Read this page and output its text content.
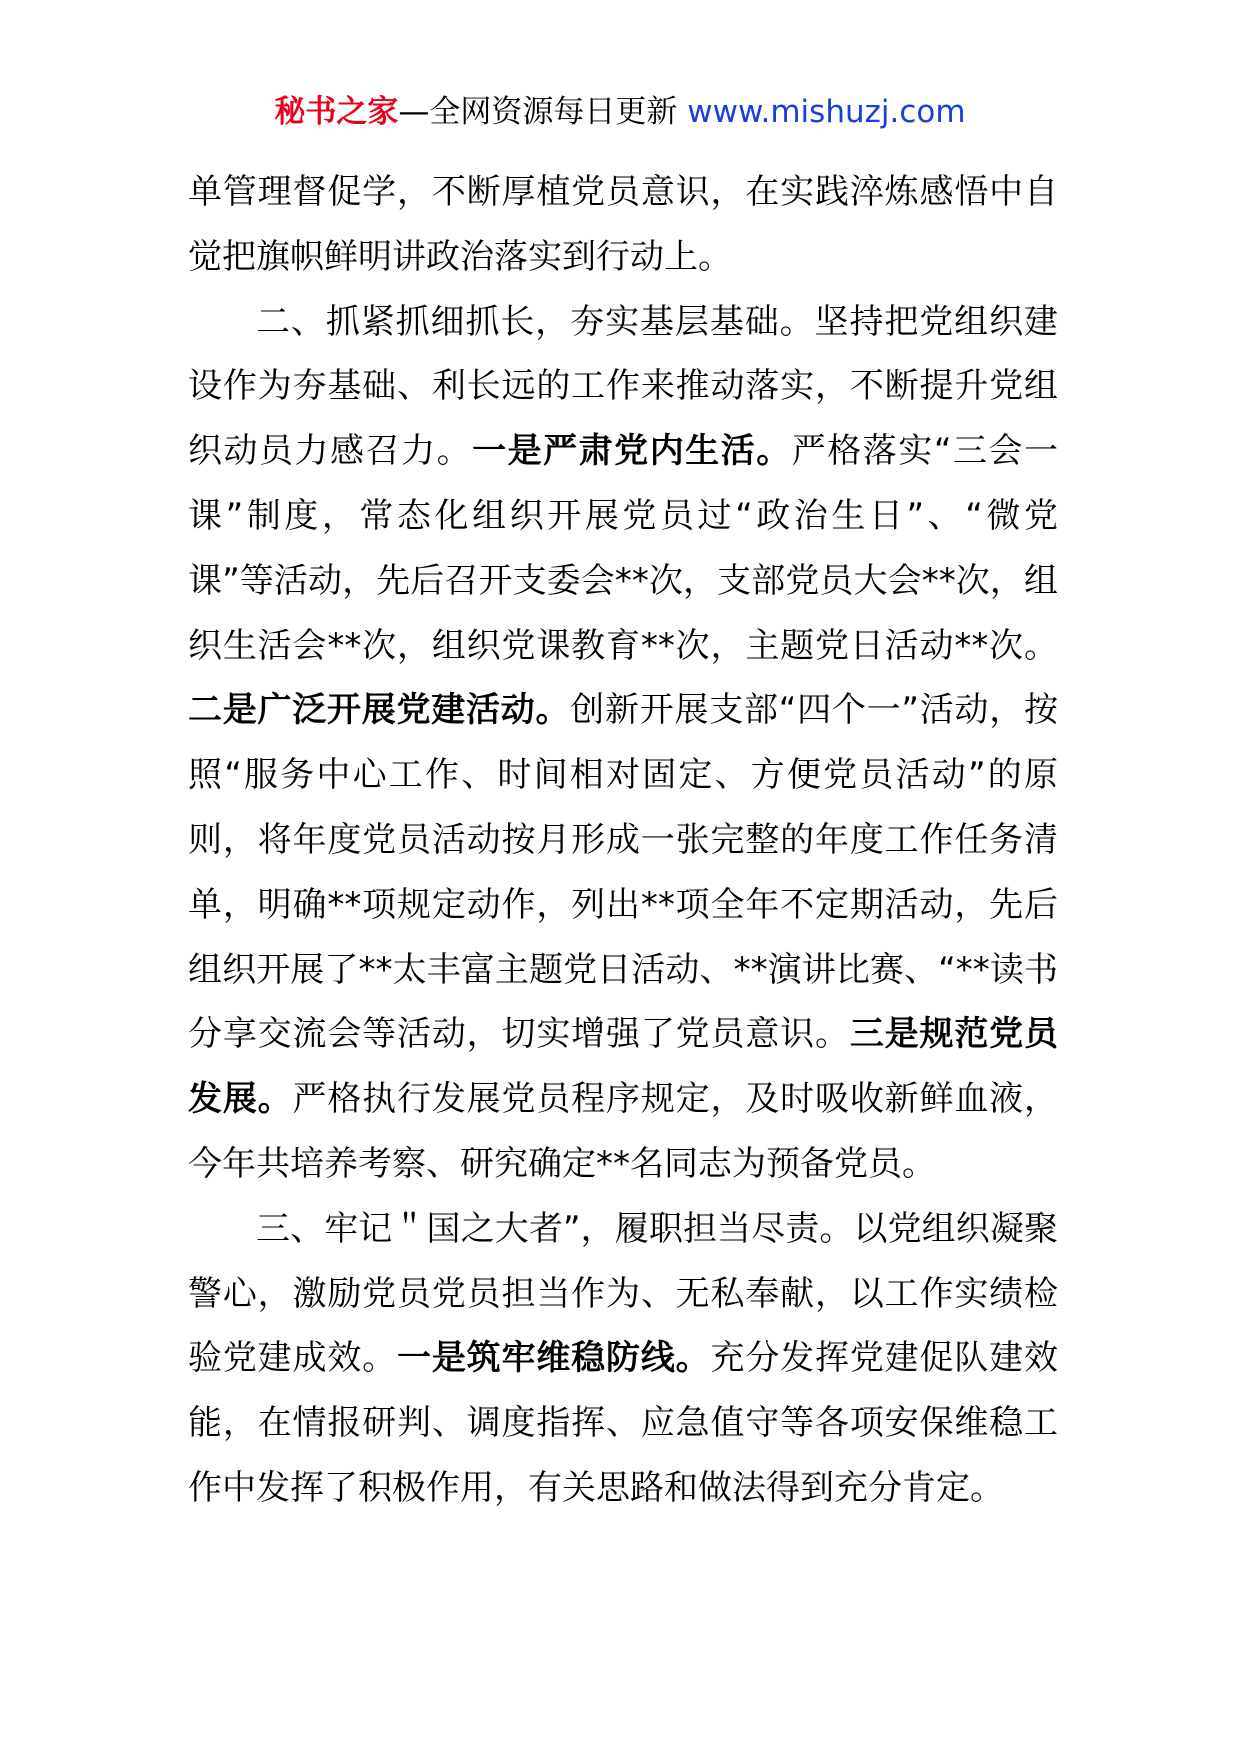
秘书之家—全网资源每日更新 www.mishuzj.com

单管理督促学，不断厚植党员意识，在实践淬炼感悟中自觉把旗帜鲜明讲政治落实到行动上。

二、抓紧抓细抓长，夯实基层基础。坚持把党组织建设作为夯基础、利长远的工作来推动落实，不断提升党组织动员力感召力。一是严肃党内生活。严格落实“三会一课”制度，常态化组织开展党员过“政治生日”、“微党课”等活动，先后召开支委会**次，支部党员大会**次，组织生活会**次，组织党课教育**次，主题党日活动**次。二是广泛开展党建活动。创新开展支部“四个一”活动，按照“服务中心工作、时间相对固定、方便党员活动”的原则，将年度党员活动按月形成一张完整的年度工作任务清单，明确**项规定动作，列出**项全年不定期活动，先后组织开展了**太丰富主题党日活动、**演讲比赛、“**读书分享交流会等活动，切实增强了党员意识。三是规范党员发展。严格执行发展党员程序规定，及时吸收新鲜血液，今年共培养考察、研究确定**名同志为预备党员。

三、牢记＂国之大者”，履职担当尽责。以党组织凝聚警心，激励党员党员担当作为、无私奉献，以工作实绩检验党建成效。一是筑牢维稳防线。充分发挥党建促队建效能，在情报研判、调度指挥、应急值守等各项安保维稳工作中发挥了积极作用，有关思路和做法得到充分肯定。
